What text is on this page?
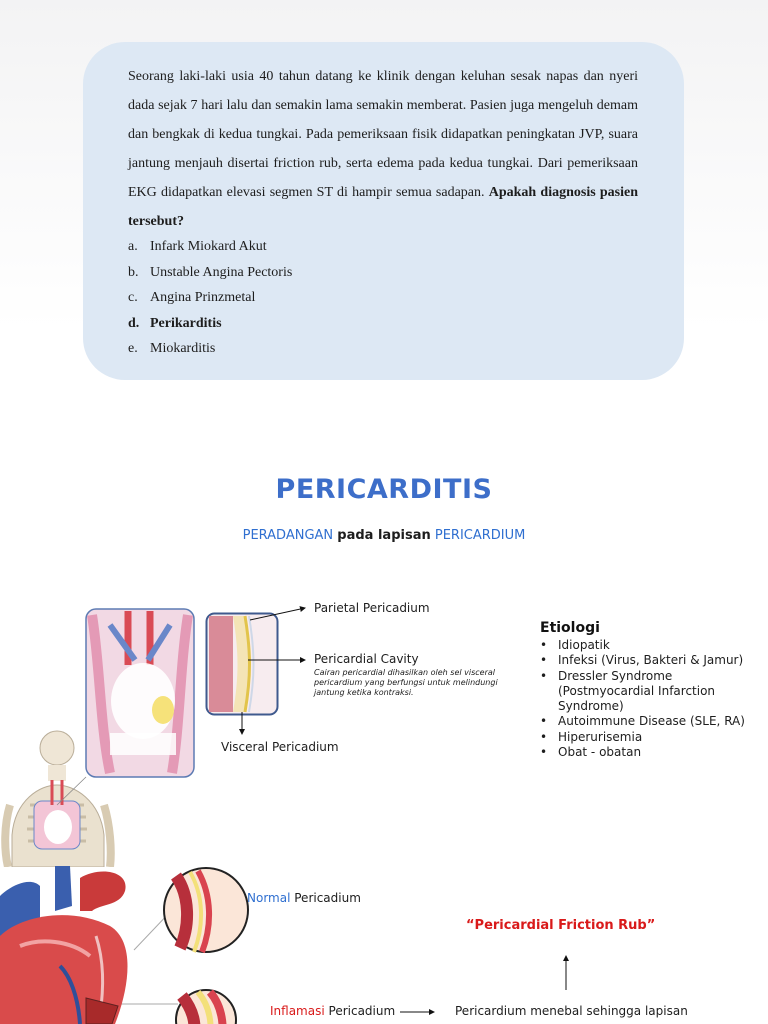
Seorang laki-laki usia 40 tahun datang ke klinik dengan keluhan sesak napas dan nyeri dada sejak 7 hari lalu dan semakin lama semakin memberat. Pasien juga mengeluh demam dan bengkak di kedua tungkai. Pada pemeriksaan fisik didapatkan peningkatan JVP, suara jantung menjauh disertai friction rub, serta edema pada kedua tungkai. Dari pemeriksaan EKG didapatkan elevasi segmen ST di hampir semua sadapan. Apakah diagnosis pasien tersebut?
a. Infark Miokard Akut
b. Unstable Angina Pectoris
c. Angina Prinzmetal
d. Perikarditis
e. Miokarditis
PERICARDITIS
PERADANGAN pada lapisan PERICARDIUM
Parietal Pericadium
Pericardial Cavity
Cairan pericardial dihasilkan oleh sel visceral pericardium yang berfungsi untuk melindungi jantung ketika kontraksi.
Visceral Pericadium
Etiologi
• Idiopatik
• Infeksi (Virus, Bakteri & Jamur)
• Dressler Syndrome (Postmyocardial Infarction Syndrome)
• Autoimmune Disease (SLE, RA)
• Hiperurisemia
• Obat - obatan
Normal Pericadium
Inflamasi Pericadium	Pericardium menebal sehingga lapisan
“Pericardial Friction Rub”
